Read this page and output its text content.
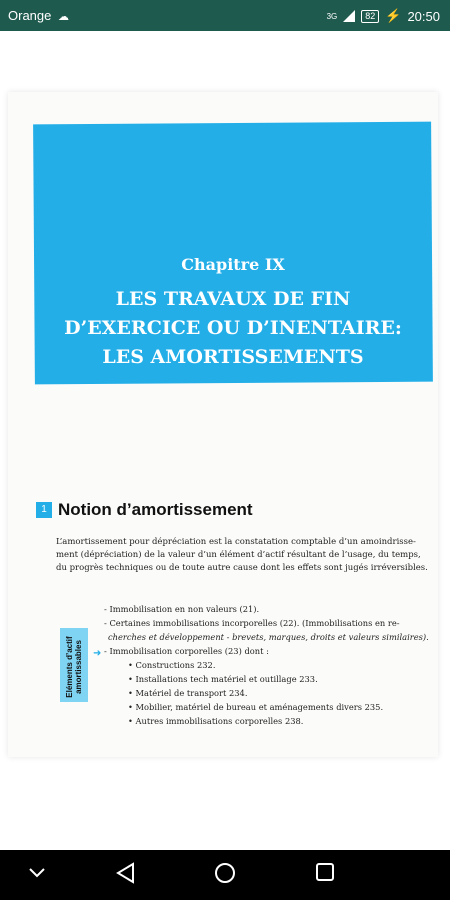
Orange ☁	3G	82 ⚡ 20:50
Chapitre IX
LES TRAVAUX DE FIN
D’EXERCICE OU D’INENTAIRE:
LES AMORTISSEMENTS
1 Notion d’amortissement
L’amortissement pour dépréciation est la constatation comptable d’un amoindrisse-
ment (dépréciation) de la valeur d’un élément d’actif résultant de l’usage, du temps,
du progrès techniques ou de toute autre cause dont les effets sont jugés irréversibles.
Eléments d’actif amortissables ➜
- Immobilisation en non valeurs (21).
- Certaines immobilisations incorporelles (22). (Immobilisations en re-
cherches et développement - brevets, marques, droits et valeurs similaires).
- Immobilisation corporelles (23) dont :
• Constructions 232.
• Installations tech matériel et outillage 233.
• Matériel de transport 234.
• Mobilier, matériel de bureau et aménagements divers 235.
• Autres immobilisations corporelles 238.
